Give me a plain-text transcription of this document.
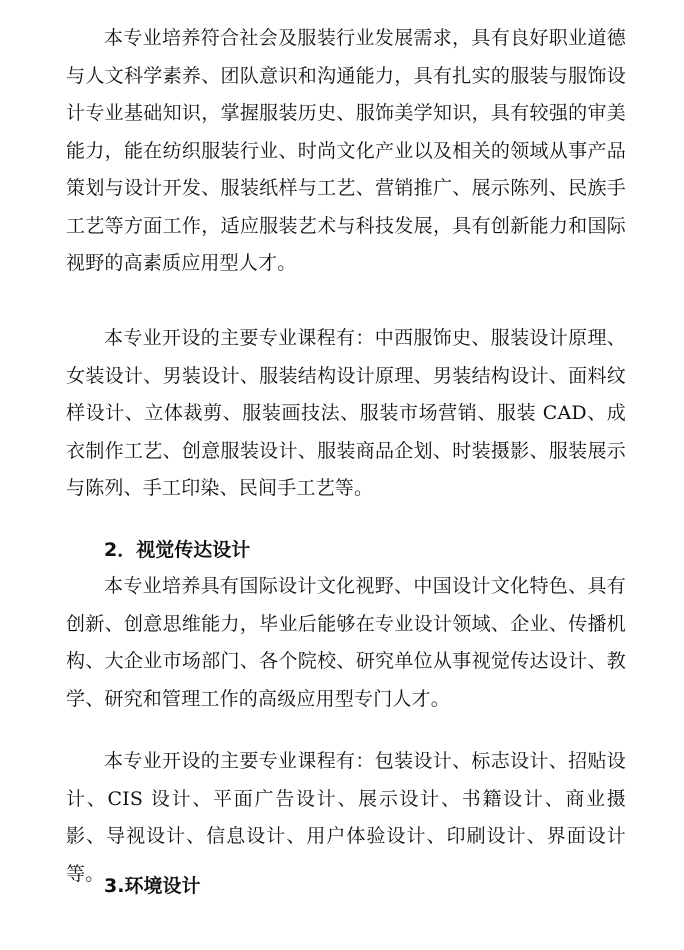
本专业培养符合社会及服装行业发展需求，具有良好职业道德与人文科学素养、团队意识和沟通能力，具有扎实的服装与服饰设计专业基础知识，掌握服装历史、服饰美学知识，具有较强的审美能力，能在纺织服装行业、时尚文化产业以及相关的领域从事产品策划与设计开发、服装纸样与工艺、营销推广、展示陈列、民族手工艺等方面工作，适应服装艺术与科技发展，具有创新能力和国际视野的高素质应用型人才。

本专业开设的主要专业课程有：中西服饰史、服装设计原理、女装设计、男装设计、服装结构设计原理、男装结构设计、面料纹样设计、立体裁剪、服装画技法、服装市场营销、服装 CAD、成衣制作工艺、创意服装设计、服装商品企划、时装摄影、服装展示与陈列、手工印染、民间手工艺等。

2．视觉传达设计

本专业培养具有国际设计文化视野、中国设计文化特色、具有创新、创意思维能力，毕业后能够在专业设计领域、企业、传播机构、大企业市场部门、各个院校、研究单位从事视觉传达设计、教学、研究和管理工作的高级应用型专门人才。

本专业开设的主要专业课程有：包装设计、标志设计、招贴设计、CIS 设计、平面广告设计、展示设计、书籍设计、商业摄影、导视设计、信息设计、用户体验设计、印刷设计、界面设计等。

3.环境设计
